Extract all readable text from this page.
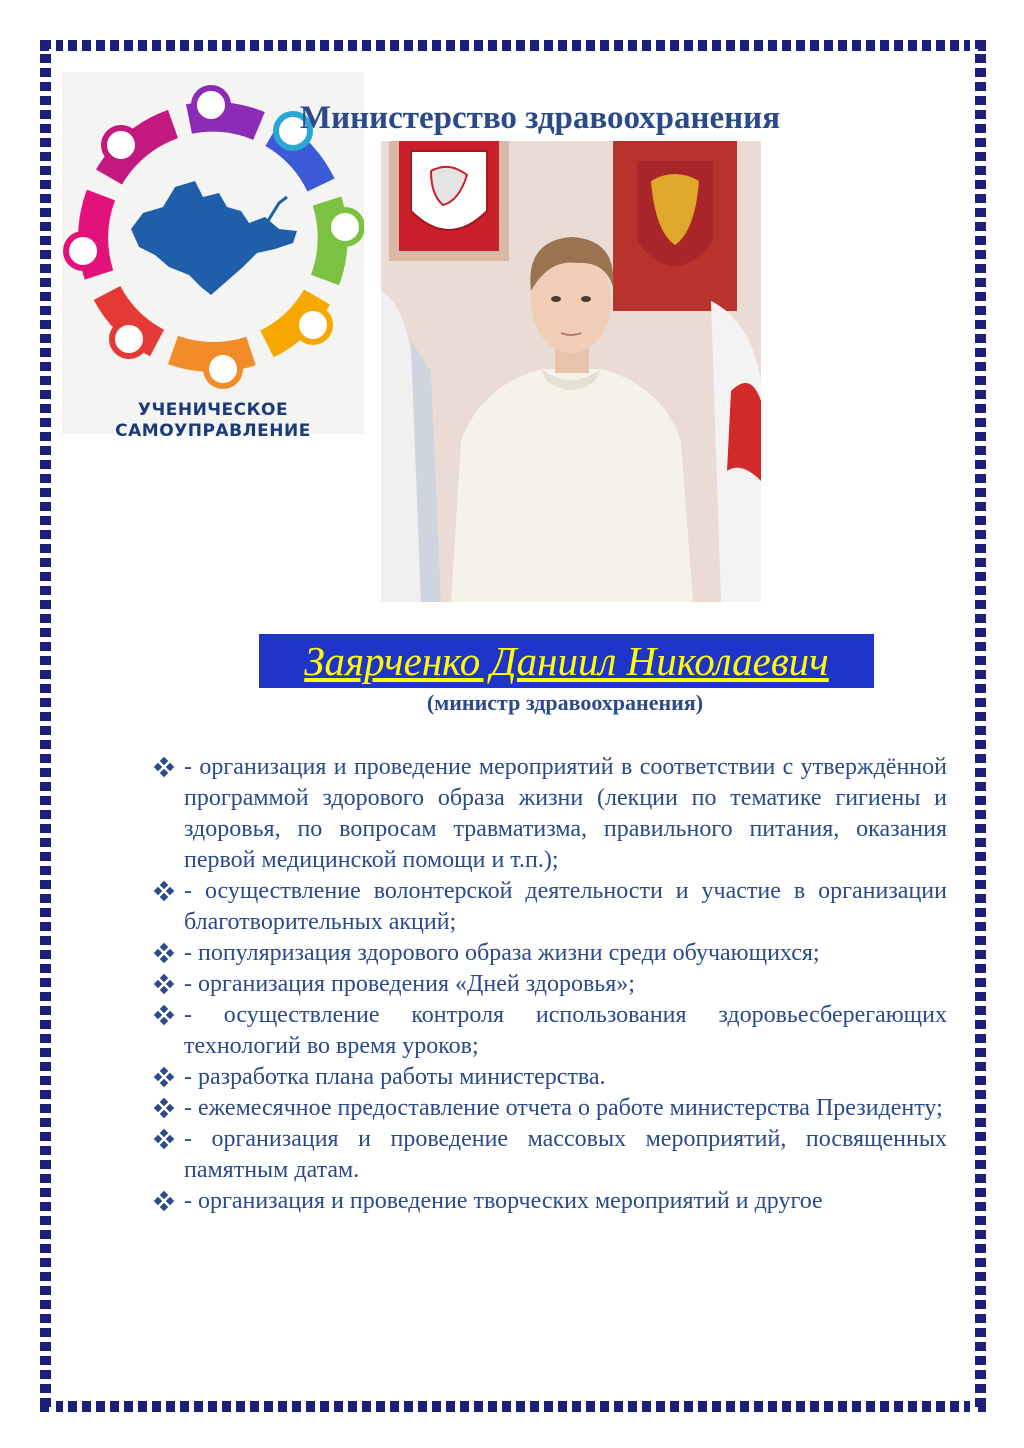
УЧЕНИЧЕСКОЕ
САМОУПРАВЛЕНИЕ
Министерство здравоохранения
Заярченко Даниил Николаевич
(министр здравоохранения)
- организация и проведение мероприятий в соответствии с утверждённой программой здорового образа жизни (лекции по тематике гигиены и здоровья, по вопросам травматизма, правильного питания, оказания первой медицинской помощи и т.п.);
- осуществление волонтерской деятельности и участие в организации благотворительных акций;
- популяризация здорового образа жизни среди обучающихся;
- организация проведения «Дней здоровья»;
- осуществление контроля использования здоровьесберегающих технологий во время уроков;
- разработка плана работы министерства.
- ежемесячное предоставление отчета о работе министерства Президенту;
- организация и проведение массовых мероприятий, посвященных памятным датам.
- организация и проведение творческих мероприятий и другое
